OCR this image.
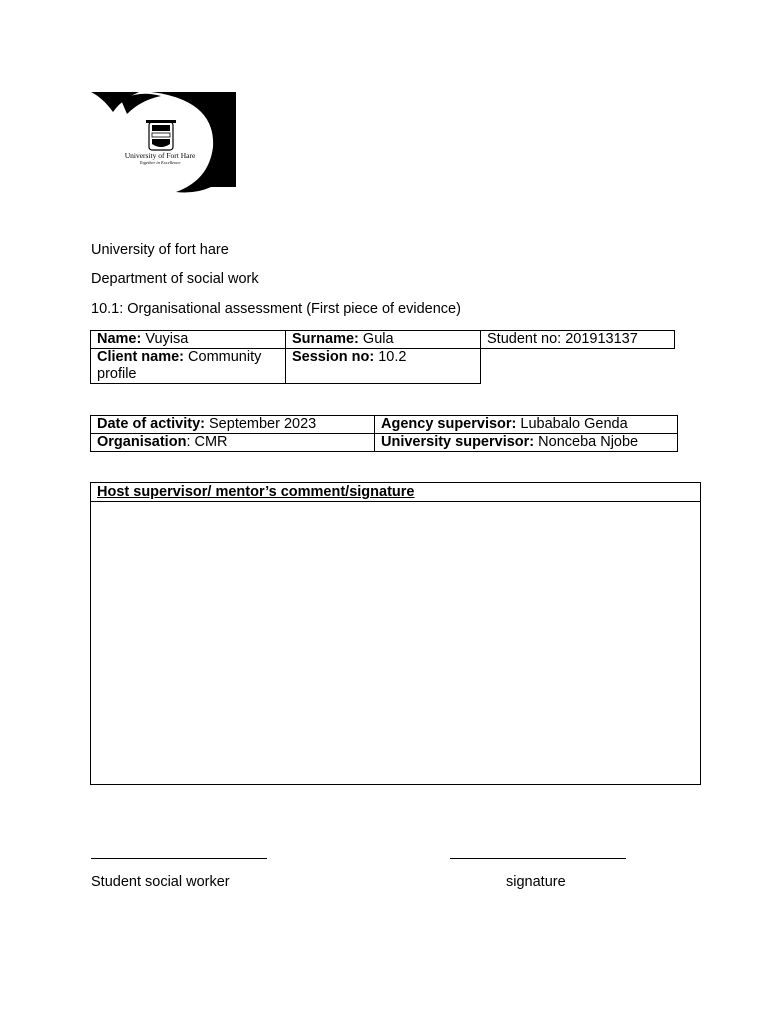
University of Fort Hare
Together in Excellence
University of fort hare
Department of social work
10.1: Organisational assessment (First piece of evidence)
Name: Vuyisa	Surname: Gula	Student no: 201913137
Client name: Community profile	Session no: 10.2	
Date of activity: September 2023	Agency supervisor: Lubabalo Genda
Organisation: CMR	University supervisor: Nonceba Njobe
Host supervisor/ mentor’s comment/signature
Student social worker	signature
